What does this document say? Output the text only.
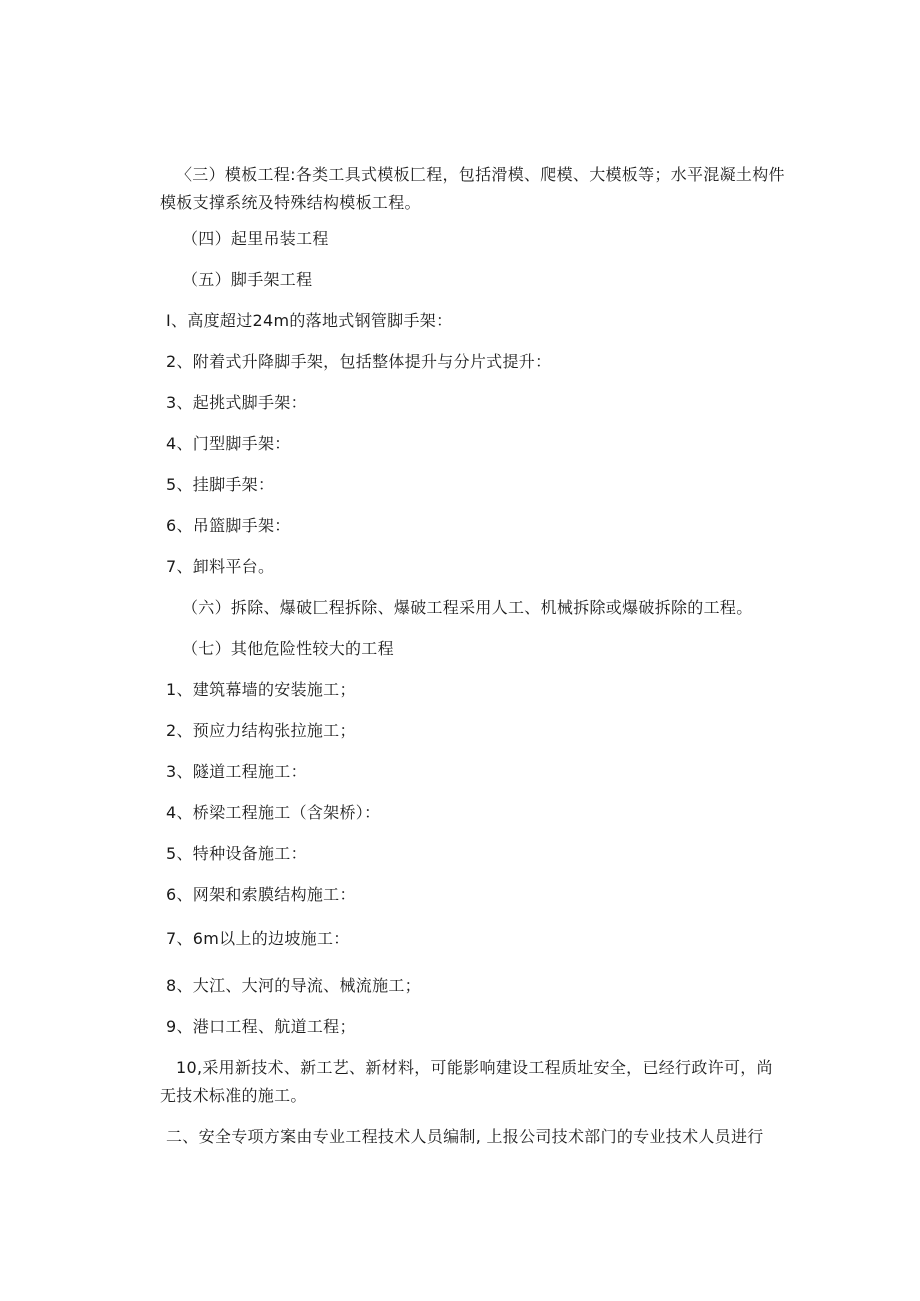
〈三）模板工程:各类工具式模板匚程，包括滑模、爬模、大模板等；水平混凝土构件模板支撑系统及特殊结构模板工程。
（四）起里吊装工程
（五）脚手架工程
I、高度超过24m的落地式钢管脚手架：
2、附着式升降脚手架，包括整体提升与分片式提升：
3、起挑式脚手架：
4、门型脚手架：
5、挂脚手架：
6、吊篮脚手架：
7、卸料平台。
（六）拆除、爆破匚程拆除、爆破工程采用人工、机械拆除或爆破拆除的工程。
（七）其他危险性较大的工程
1、建筑幕墙的安装施工；
2、预应力结构张拉施工；
3、隧道工程施工：
4、桥梁工程施工（含架桥）：
5、特种设备施工：
6、网架和索膜结构施工：
7、6m以上的边坡施工：
8、大江、大河的导流、械流施工；
9、港口工程、航道工程；
10,采用新技术、新工艺、新材料，可能影响建设工程质址安全，已经行政许可，尚无技术标准的施工。
二、安全专项方案由专业工程技术人员编制, 上报公司技术部门的专业技术人员进行
